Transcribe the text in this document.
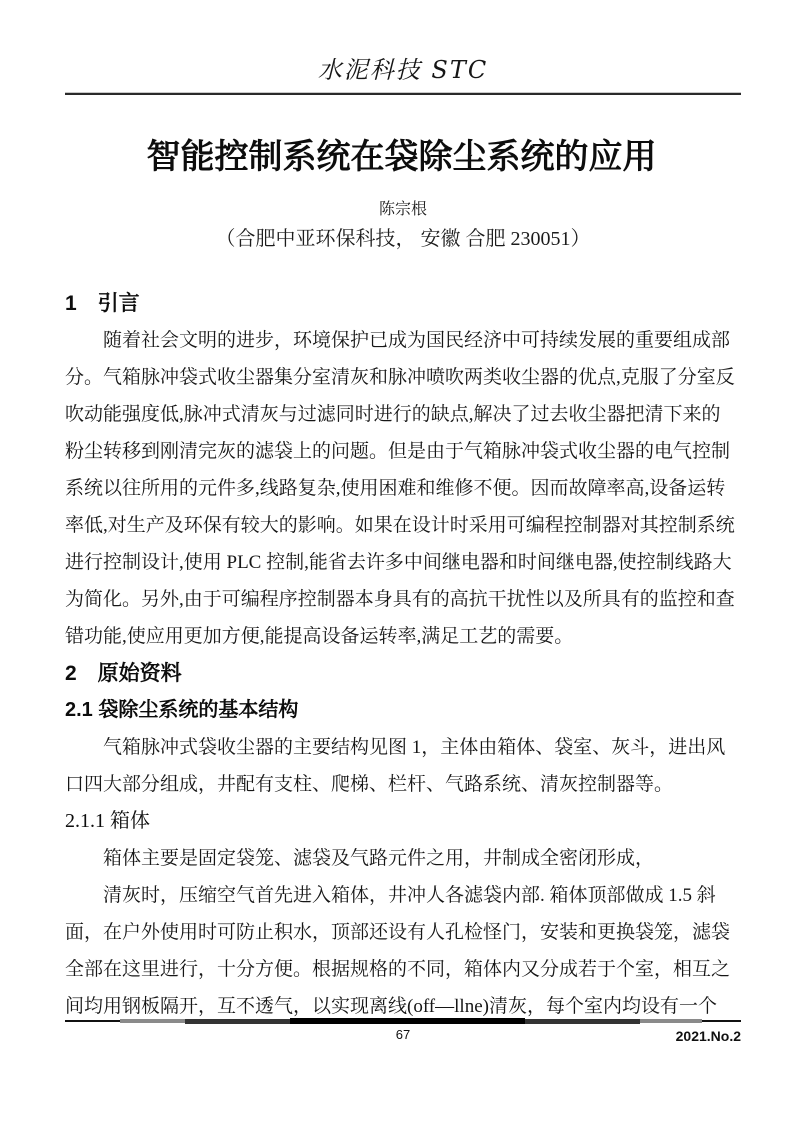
水泥科技 STC
智能控制系统在袋除尘系统的应用
陈宗根
（合肥中亚环保科技， 安徽 合肥 230051）
1　引言
随着社会文明的进步，环境保护已成为国民经济中可持续发展的重要组成部
分。气箱脉冲袋式收尘器集分室清灰和脉冲喷吹两类收尘器的优点,克服了分室反
吹动能强度低,脉冲式清灰与过滤同时进行的缺点,解决了过去收尘器把清下来的
粉尘转移到刚清完灰的滤袋上的问题。但是由于气箱脉冲袋式收尘器的电气控制
系统以往所用的元件多,线路复杂,使用困难和维修不便。因而故障率高,设备运转
率低,对生产及环保有较大的影响。如果在设计时采用可编程控制器对其控制系统
进行控制设计,使用 PLC 控制,能省去许多中间继电器和时间继电器,使控制线路大
为简化。另外,由于可编程序控制器本身具有的高抗干扰性以及所具有的监控和查
错功能,使应用更加方便,能提高设备运转率,满足工艺的需要。
2　原始资料
2.1 袋除尘系统的基本结构
气箱脉冲式袋收尘器的主要结构见图 1，主体由箱体、袋室、灰斗，进出风
口四大部分组成，井配有支柱、爬梯、栏杆、气路系统、清灰控制器等。
2.1.1 箱体
箱体主要是固定袋笼、滤袋及气路元件之用，井制成全密闭形成，
清灰时，压缩空气首先进入箱体，井冲人各滤袋内部. 箱体顶部做成 1.5 斜
面，在户外使用时可防止积水，顶部还设有人孔检怪门，安装和更换袋笼，滤袋
全部在这里进行，十分方便。根据规格的不同，箱体内又分成若于个室，相互之
间均用钢板隔开，互不透气，以实现离线(off—llne)清灰，每个室内均设有一个
67	2021.No.2
